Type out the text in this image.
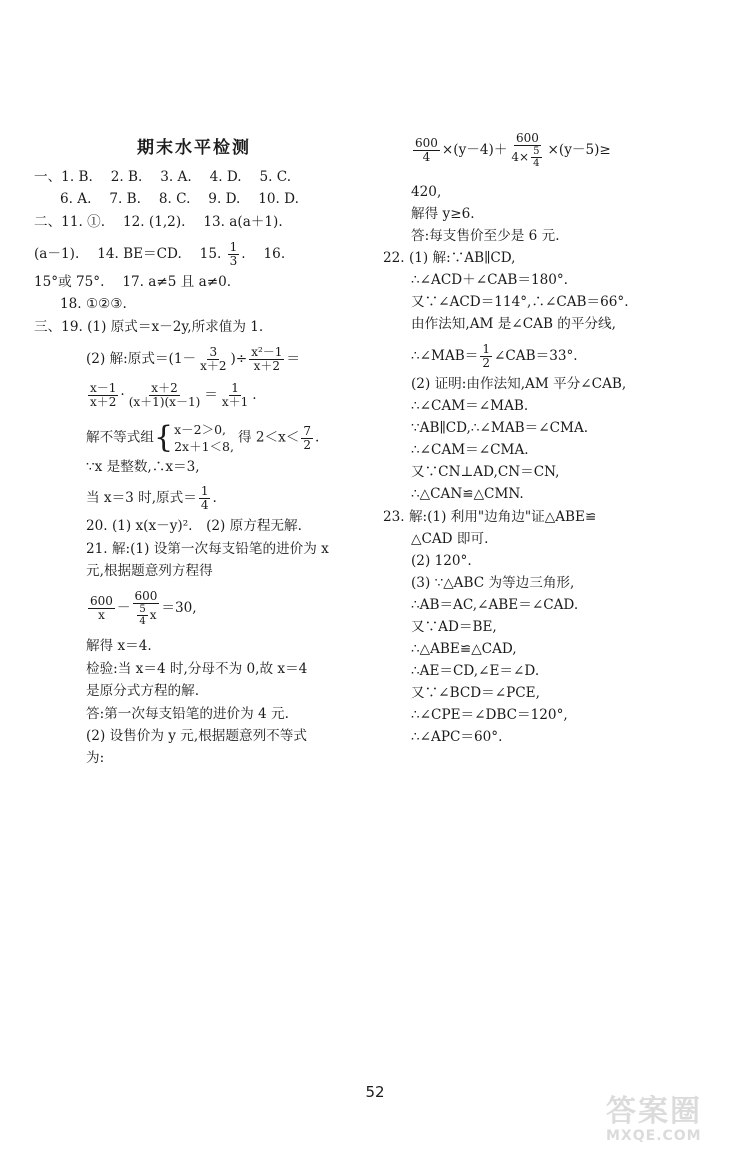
期末水平检测
一、1. B.　 2. B.　 3. A.　 4. D.　 5. C.
6. A.　 7. B.　 8. C.　 9. D.　 10. D.
二、11. ①.　 12. (1,2).　 13. a(a＋1).
(a－1).　 14. BE＝CD.　 15. $\frac{1}{3}$ .　 16.
15°或 75°.　 17. a≠5 且 a≠0.
18. ①②③.
三、19. (1) 原式＝x－2y,所求值为 1.
(2) 解:原式$=(1- \frac{3}{x+2}$ )÷ $\frac{\text{x²－1}}{x+2}$ ＝
$\frac{x-1}{x+2} \cdot \frac{x+2}{(x+1)(x-1)} = \frac{1}{x+1}$ .
解不等式组{ x－2＞0,
2x＋1＜8,
得 $2<x< \frac{7}{2}$ .
∵x 是整数,∴x＝3,
当 x＝3 时,原式＝ $\frac{1}{4}$ .
20. (1) x(x－y)².　(2) 原方程无解.
21. 解:(1) 设第一次每支铅笔的进价为 x
元,根据题意列方程得
$\frac{600}{x} - \frac{600}{\frac{5}{4} x} =30$,
解得 x＝4.
检验:当 x＝4 时,分母不为 0,故 x＝4
是原分式方程的解.
答:第一次每支铅笔的进价为 4 元.
(2) 设售价为 y 元,根据题意列不等式
为:
$\frac{600}{4} \times(y-4)+ \frac{600}{4\times \frac{5}{4}} \times(y-5)\ge$
420,
解得 y≥6.
答:每支售价至少是 6 元.
22. (1) 解:∵AB∥CD,
∴∠ACD＋∠CAB＝180°.
又∵∠ACD＝114°,∴∠CAB＝66°.
由作法知,AM 是∠CAB 的平分线,
∴∠MAB＝ $\frac{1}{2}$ ∠CAB＝33°.
(2) 证明:由作法知,AM 平分∠CAB,
∴∠CAM＝∠MAB.
∵AB∥CD,∴∠MAB＝∠CMA.
∴∠CAM＝∠CMA.
又∵CN⊥AD,CN＝CN,
∴△CAN≌△CMN.
23. 解:(1) 利用"边角边"证△ABE≌
△CAD 即可.
(2) 120°.
(3) ∵△ABC 为等边三角形,
∴AB＝AC,∠ABE＝∠CAD.
又∵AD＝BE,
∴△ABE≌△CAD,
∴AE＝CD,∠E＝∠D.
又∵∠BCD＝∠PCE,
∴∠CPE＝∠DBC＝120°,
∴∠APC＝60°.
52
答案圈
MXQE.COM
